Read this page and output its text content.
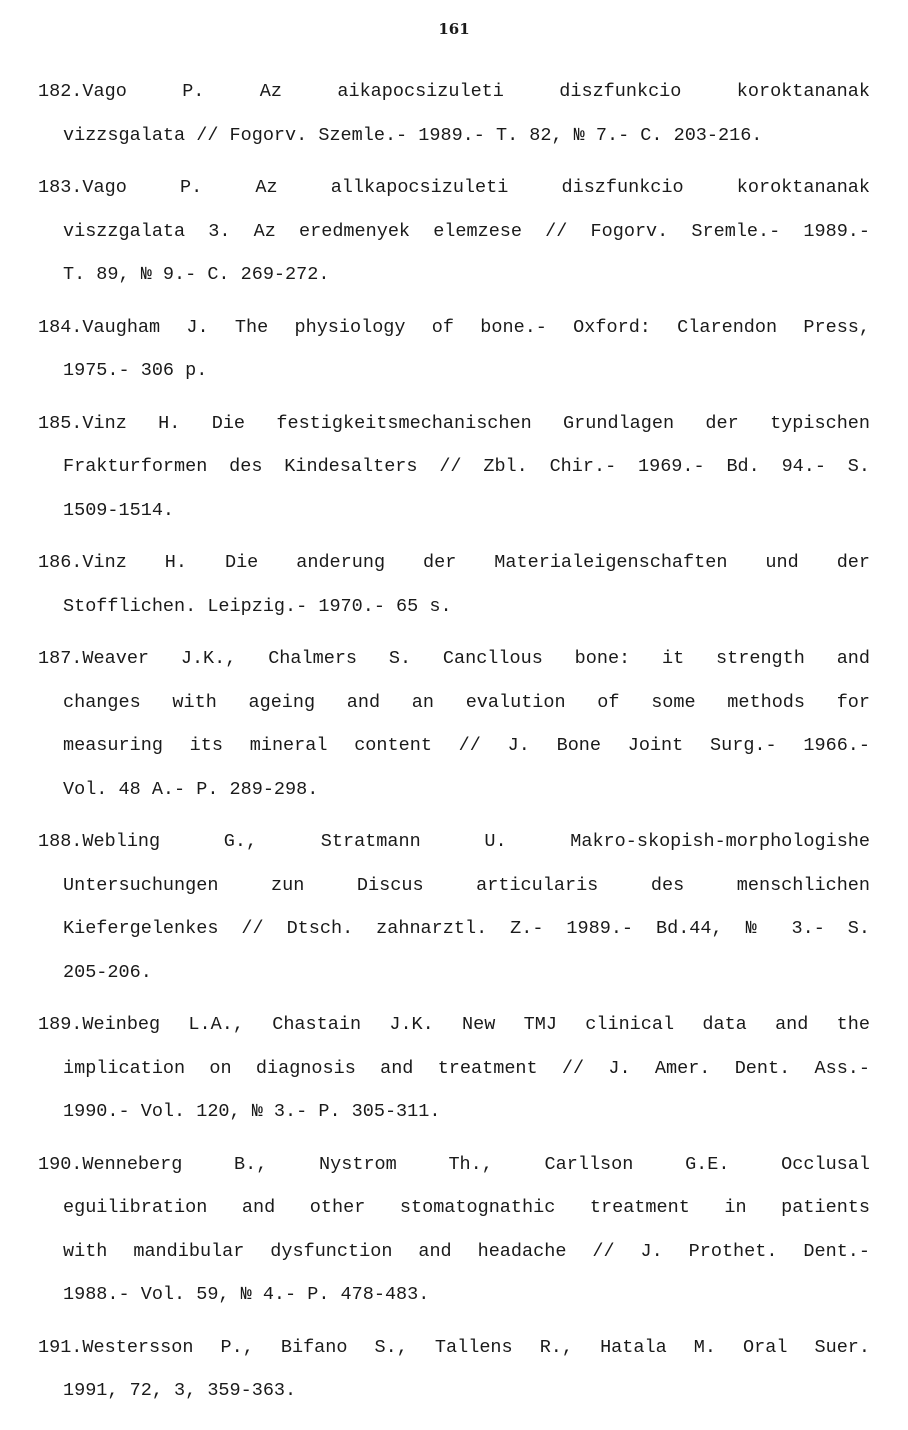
161
182.Vago P. Az aikapocsizuleti diszfunkcio koroktananak
vizzsgalata // Fogorv. Szemle.- 1989.- T. 82, № 7.- C. 203-216.
183.Vago P. Az allkapocsizuleti diszfunkcio koroktananak
viszzgalata 3. Az eredmenyek elemzese // Fogorv. Sremle.- 1989.-
T. 89, № 9.- C. 269-272.
184.Vaugham J. The physiology of bone.- Oxford: Clarendon Press,
1975.- 306 p.
185.Vinz H. Die festigkeitsmechanischen Grundlagen der typischen
Frakturformen des Kindesalters // Zbl. Chir.- 1969.- Bd. 94.- S.
1509-1514.
186.Vinz H. Die anderung der Materialeigenschaften und der
Stofflichen. Leipzig.- 1970.- 65 s.
187.Weaver J.K., Chalmers S. Cancllous bone: it strength and
changes with ageing and an evalution of some methods for
measuring its mineral content // J. Bone Joint Surg.- 1966.-
Vol. 48 A.- P. 289-298.
188.Webling G., Stratmann U. Makro-skopish-morphologishe
Untersuchungen zun Discus articularis des menschlichen
Kiefergelenkes // Dtsch. zahnarztl. Z.- 1989.- Bd.44, № 3.- S.
205-206.
189.Weinbeg L.A., Chastain J.K. New TMJ clinical data and the
implication on diagnosis and treatment // J. Amer. Dent. Ass.-
1990.- Vol. 120, № 3.- P. 305-311.
190.Wenneberg B., Nystrom Th., Carllson G.E. Occlusal
eguilibration and other stomatognathic treatment in patients
with mandibular dysfunction and headache // J. Prothet. Dent.-
1988.- Vol. 59, № 4.- P. 478-483.
191.Westersson P., Bifano S., Tallens R., Hatala M. Oral Suer.
1991, 72, 3, 359-363.
